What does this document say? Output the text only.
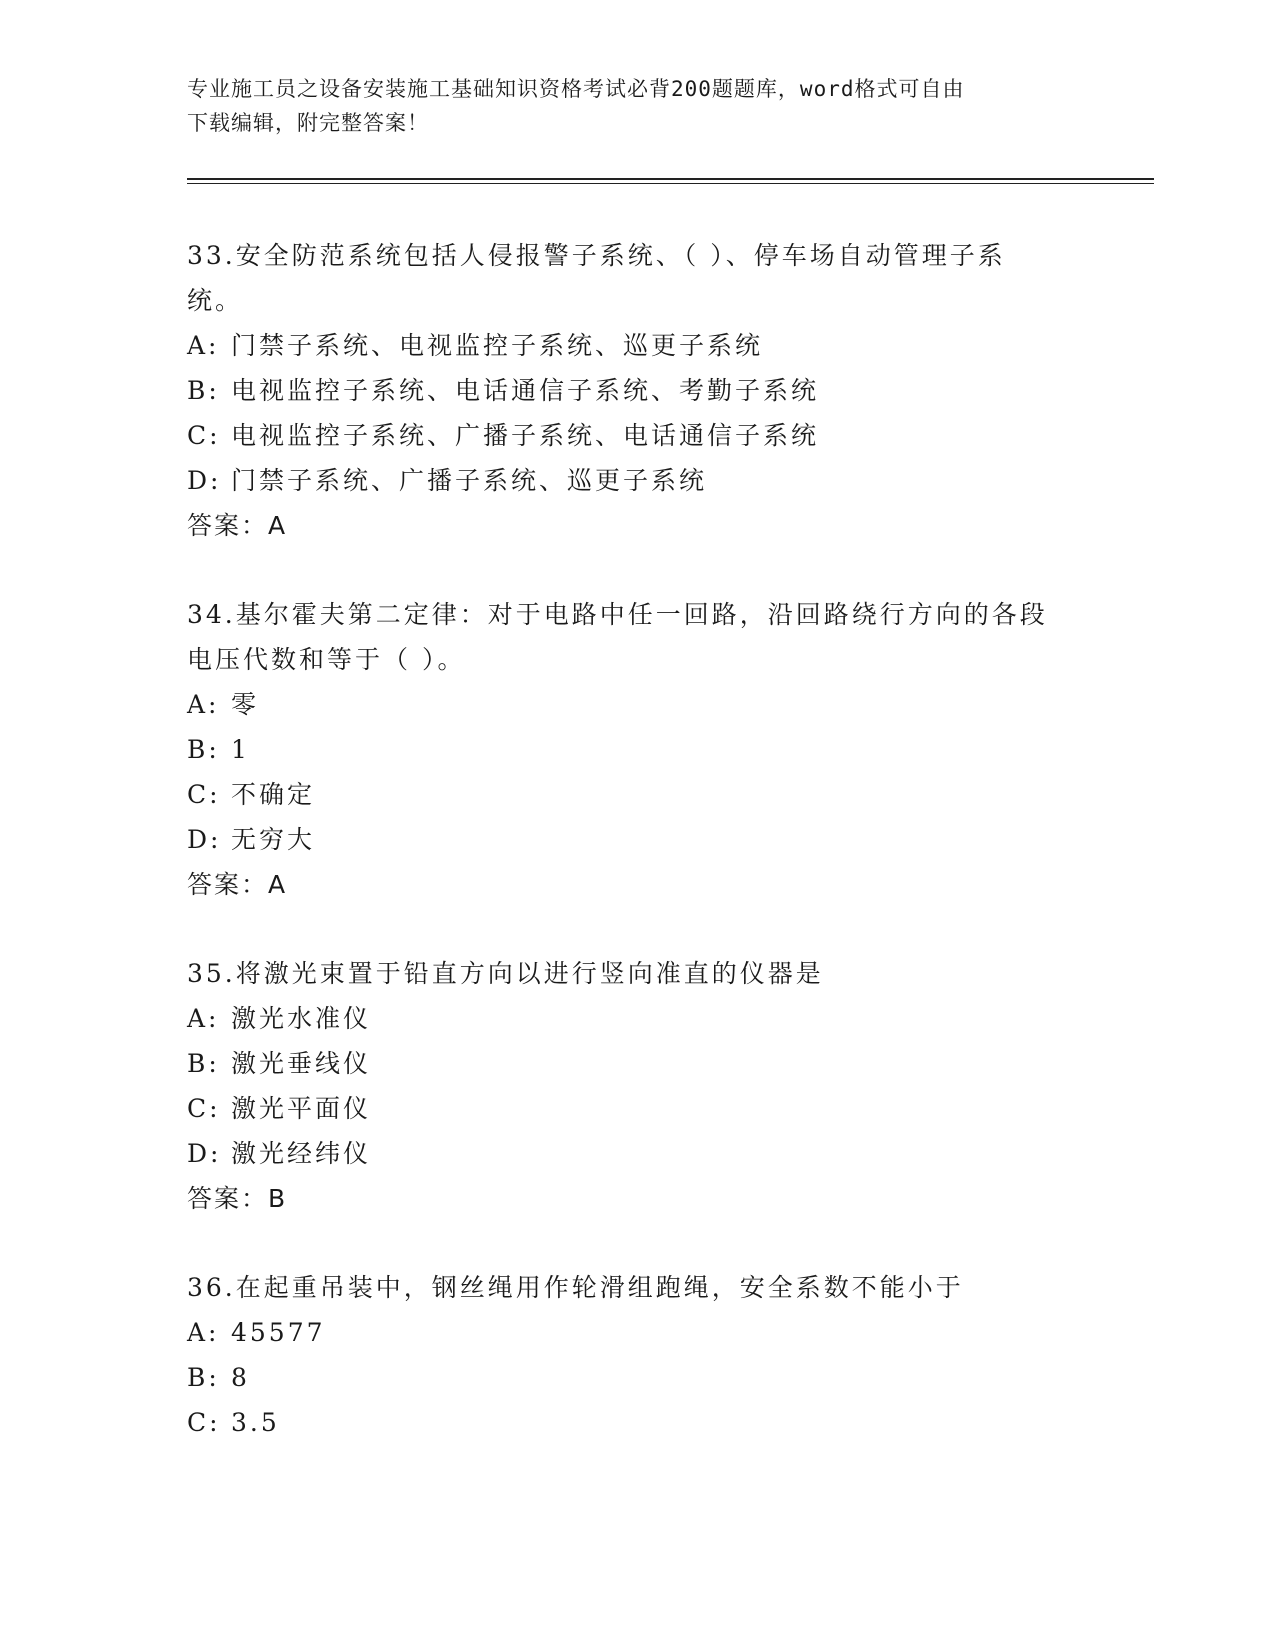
专业施工员之设备安装施工基础知识资格考试必背200题题库，word格式可自由
下载编辑，附完整答案！

33.安全防范系统包括人侵报警子系统、（ ）、停车场自动管理子系

统。

A: 门禁子系统、电视监控子系统、巡更子系统

B: 电视监控子系统、电话通信子系统、考勤子系统

C: 电视监控子系统、广播子系统、电话通信子系统

D: 门禁子系统、广播子系统、巡更子系统

答案：A

34.基尔霍夫第二定律：对于电路中任一回路，沿回路绕行方向的各段

电压代数和等于（ ）。

A: 零

B: 1

C: 不确定

D: 无穷大

答案：A

35.将激光束置于铅直方向以进行竖向准直的仪器是

A: 激光水准仪

B: 激光垂线仪

C: 激光平面仪

D: 激光经纬仪

答案：B

36.在起重吊装中，钢丝绳用作轮滑组跑绳，安全系数不能小于

A: 45577

B: 8

C: 3.5
